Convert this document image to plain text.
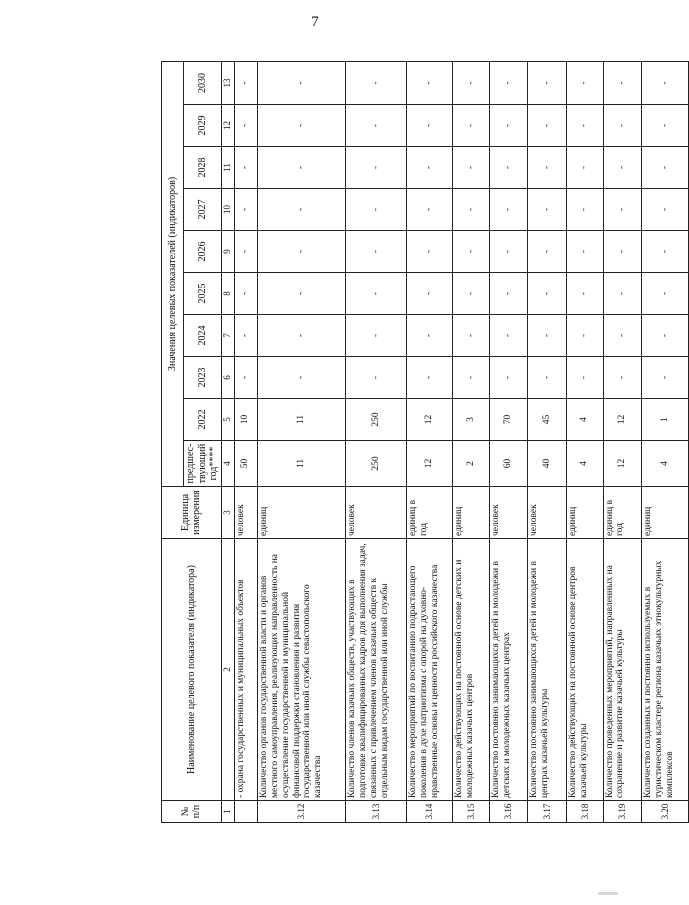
7
№ п/п	Наименование целевого показателя (индикатора)	Единица измерения	Значения целевых показателей (индикаторов)									
			предшес-твующий год****	2022	2023	2024	2025	2026	2027	2028	2029	2030
1	2	3	4	5	6	7	8	9	10	11	12	13
	- охрана государственных и муниципальных объектов	человек	50	10	-	-	-	-	-	-	-	-
3.12	Количество органов государственной власти и органов местного самоуправления, реализующих направленность на осуществление государственной и муниципальной финансовой поддержки становления и развития государственной или иной службы севастопольского казачества	единиц	11	11	-	-	-	-	-	-	-	-
3.13	Количество членов казачьих обществ, участвующих в подготовке квалифицированных кадров для выполнения задач, связанных с привлечением членов казачьих обществ к отдельным видам государственной или иной службы	человек	250	250	-	-	-	-	-	-	-	-
3.14	Количество мероприятий по воспитанию подрастающего поколения в духе патриотизма с опорой на духовно-нравственные основы и ценности российского казачества	единиц в год	12	12	-	-	-	-	-	-	-	-
3.15	Количество действующих на постоянной основе детских и молодежных казачьих центров	единиц	2	3	-	-	-	-	-	-	-	-
3.16	Количество постоянно занимающихся детей и молодежи в детских и молодежных казачьих центрах	человек	60	70	-	-	-	-	-	-	-	-
3.17	Количество постоянно занимающихся детей и молодежи в центрах казачьей культуры	человек	40	45	-	-	-	-	-	-	-	-
3.18	Количество действующих на постоянной основе центров казачьей культуры	единиц	4	4	-	-	-	-	-	-	-	-
3.19	Количество проведенных мероприятий, направленных на сохранение и развитие казачьей культуры	единиц в год	12	12	-	-	-	-	-	-	-	-
3.20	Количество созданных и постоянно используемых в туристическом кластере региона казачьих этнокультурных комплексов	единиц	4	1	-	-	-	-	-	-	-	-
